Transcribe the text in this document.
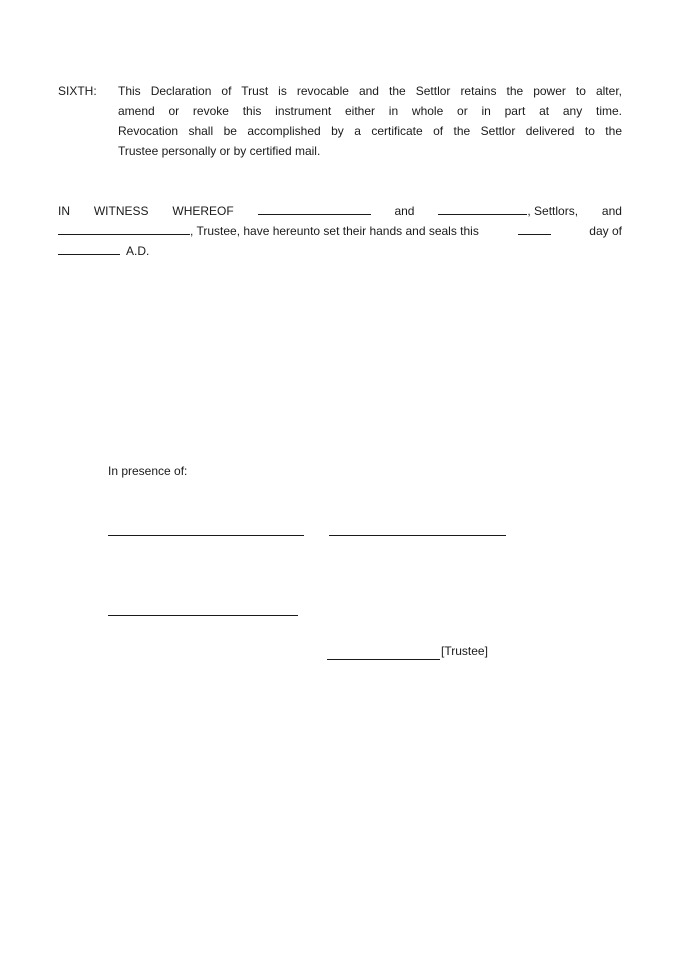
SIXTH: This Declaration of Trust is revocable and the Settlor retains the power to alter,
amend or revoke this instrument either in whole or in part at any time.
Revocation shall be accomplished by a certificate of the Settlor delivered to the
Trustee personally or by certified mail.
IN WITNESS WHEREOF	and	, Settlors, and
, Trustee, have hereunto set their hands and seals this	day of
A.D.
In presence of:
[Trustee]
